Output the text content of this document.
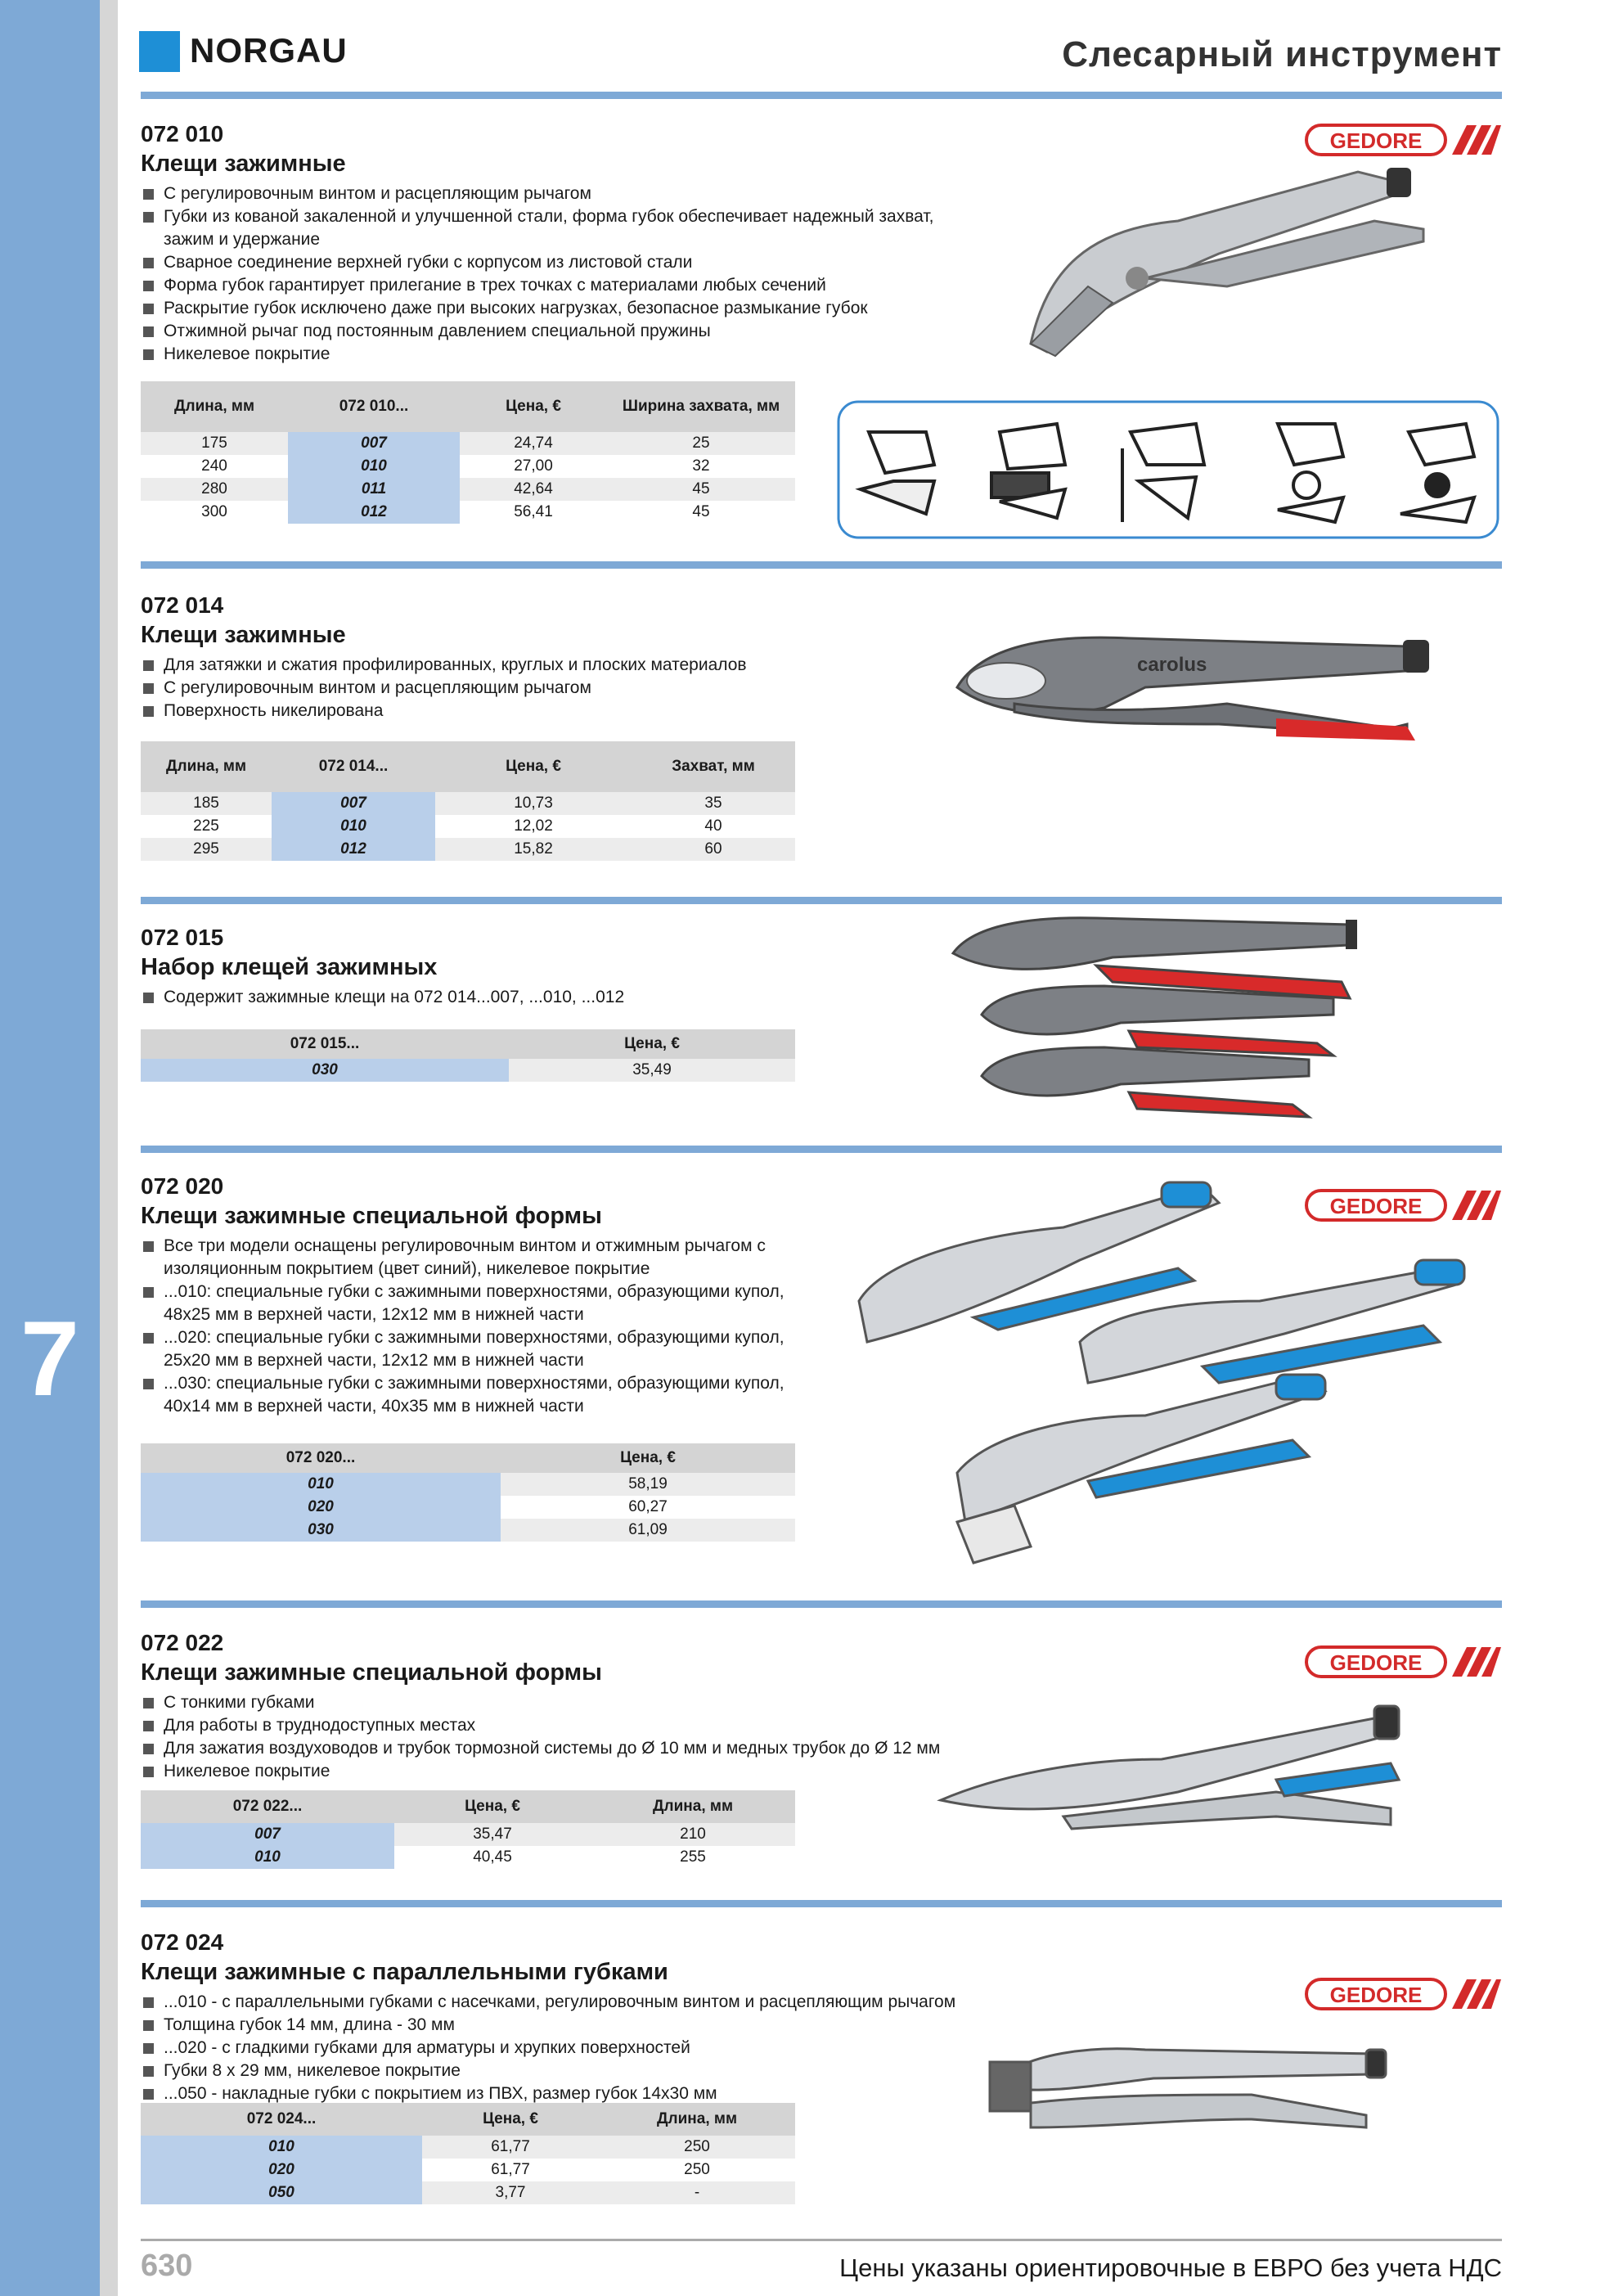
7
NORGAU	Слесарный инструмент
072 010
Клещи зажимные
С регулировочным винтом и расцепляющим рычагом
Губки из кованой закаленной и улучшенной стали, форма губок обеспечивает надежный захват, зажим и удержание
Сварное соединение верхней губки с корпусом из листовой стали
Форма губок гарантирует прилегание в трех точках с материалами любых сечений
Раскрытие губок исключено даже при высоких нагрузках, безопасное размыкание губок
Отжимной рычаг под постоянным давлением специальной пружины
Никелевое покрытие
GEDORE
Длина, мм	072 010...	Цена, €	Ширина захвата, мм
175	007	24,74	25
240	010	27,00	32
280	011	42,64	45
300	012	56,41	45
072 014
Клещи зажимные
Для затяжки и сжатия профилированных, круглых и плоских материалов
С регулировочным винтом и расцепляющим рычагом
Поверхность никелирована
carolus
Длина, мм	072 014...	Цена, €	Захват, мм
185	007	10,73	35
225	010	12,02	40
295	012	15,82	60
072 015
Набор клещей зажимных
Содержит зажимные клещи на 072 014...007, ...010, ...012
072 015...	Цена, €
030	35,49
072 020
Клещи зажимные специальной формы
Все три модели оснащены регулировочным винтом и отжимным рычагом с изоляционным покрытием (цвет синий), никелевое покрытие
...010: специальные губки с зажимными поверхностями, образующими купол, 48x25 мм в верхней части, 12x12 мм в нижней части
...020: специальные губки с зажимными поверхностями, образующими купол, 25x20 мм в верхней части, 12x12 мм в нижней части
...030: специальные губки с зажимными поверхностями, образующими купол, 40x14 мм в верхней части, 40x35 мм в нижней части
GEDORE
072 020...	Цена, €
010	58,19
020	60,27
030	61,09
072 022
Клещи зажимные специальной формы
С тонкими губками
Для работы в труднодоступных местах
Для зажатия воздуховодов и трубок тормозной системы до Ø 10 мм и медных трубок до Ø 12 мм
Никелевое покрытие
GEDORE
072 022...	Цена, €	Длина, мм
007	35,47	210
010	40,45	255
072 024
Клещи зажимные с параллельными губками
...010 - с параллельными губками с насечками, регулировочным винтом и расцепляющим рычагом
Толщина губок 14 мм, длина - 30 мм
...020 - с гладкими губками для арматуры и хрупких поверхностей
Губки 8 х 29 мм, никелевое покрытие
...050 - накладные губки с покрытием из ПВХ, размер губок 14x30 мм
GEDORE
072 024...	Цена, €	Длина, мм
010	61,77	250
020	61,77	250
050	3,77	-
630	Цены указаны ориентировочные в ЕВРО без учета НДС
